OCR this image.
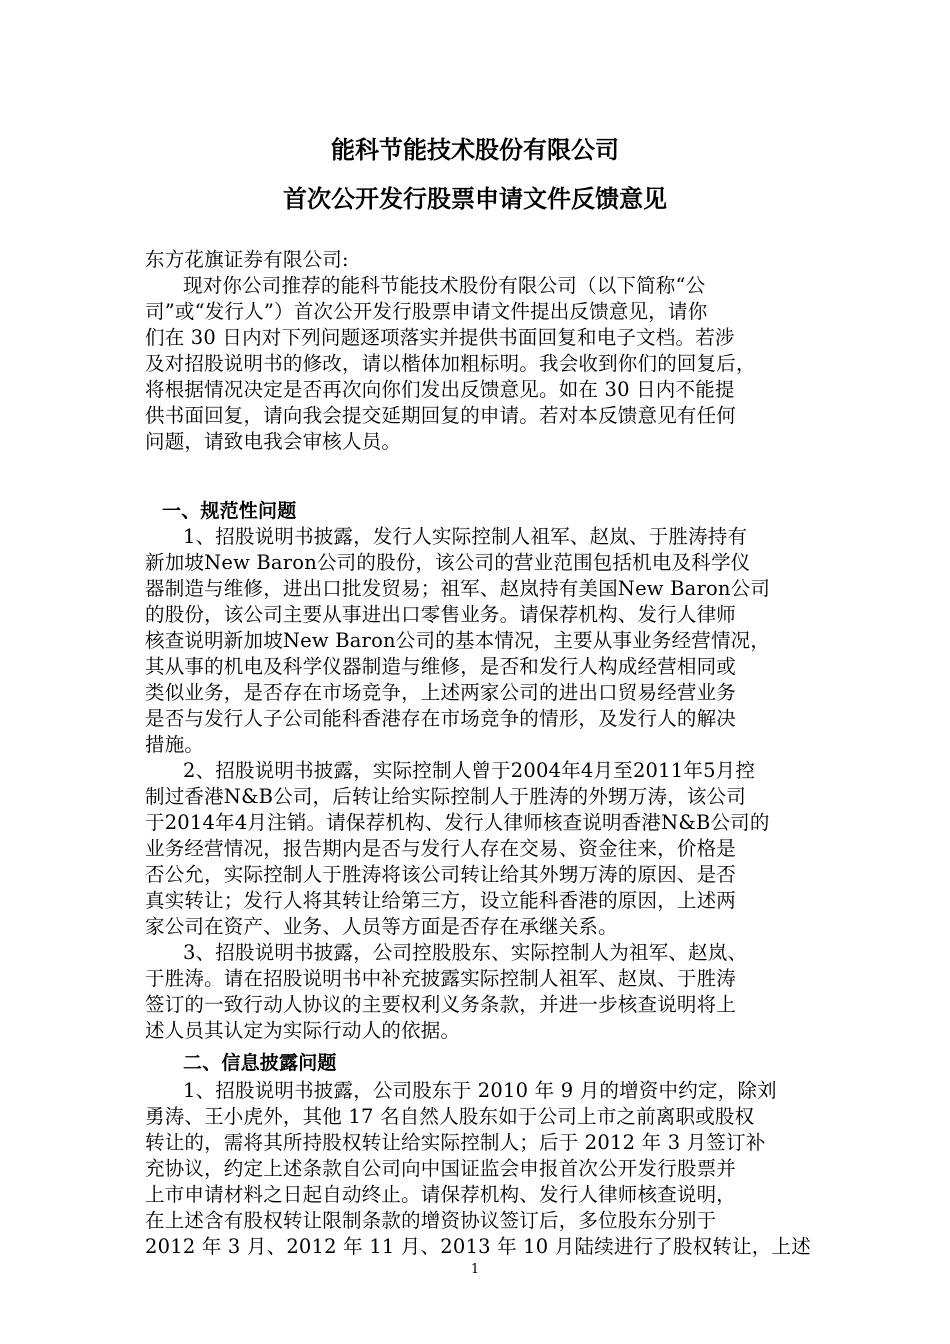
能科节能技术股份有限公司
首次公开发行股票申请文件反馈意见
东方花旗证券有限公司:
现对你公司推荐的能科节能技术股份有限公司（以下简称“公
司”或“发行人”）首次公开发行股票申请文件提出反馈意见，请你
们在 30 日内对下列问题逐项落实并提供书面回复和电子文档。若涉
及对招股说明书的修改，请以楷体加粗标明。我会收到你们的回复后，
将根据情况决定是否再次向你们发出反馈意见。如在 30 日内不能提
供书面回复，请向我会提交延期回复的申请。若对本反馈意见有任何
问题，请致电我会审核人员。
一、规范性问题
1、招股说明书披露，发行人实际控制人祖军、赵岚、于胜涛持有
新加坡New Baron公司的股份，该公司的营业范围包括机电及科学仪
器制造与维修，进出口批发贸易；祖军、赵岚持有美国New Baron公司
的股份，该公司主要从事进出口零售业务。请保荐机构、发行人律师
核查说明新加坡New Baron公司的基本情况，主要从事业务经营情况，
其从事的机电及科学仪器制造与维修，是否和发行人构成经营相同或
类似业务，是否存在市场竞争，上述两家公司的进出口贸易经营业务
是否与发行人子公司能科香港存在市场竞争的情形，及发行人的解决
措施。
2、招股说明书披露，实际控制人曾于2004年4月至2011年5月控
制过香港N&B公司，后转让给实际控制人于胜涛的外甥万涛，该公司
于2014年4月注销。请保荐机构、发行人律师核查说明香港N&B公司的
业务经营情况，报告期内是否与发行人存在交易、资金往来，价格是
否公允，实际控制人于胜涛将该公司转让给其外甥万涛的原因、是否
真实转让；发行人将其转让给第三方，设立能科香港的原因，上述两
家公司在资产、业务、人员等方面是否存在承继关系。
3、招股说明书披露，公司控股股东、实际控制人为祖军、赵岚、
于胜涛。请在招股说明书中补充披露实际控制人祖军、赵岚、于胜涛
签订的一致行动人协议的主要权利义务条款，并进一步核查说明将上
述人员其认定为实际行动人的依据。
二、信息披露问题
1、招股说明书披露，公司股东于 2010 年 9 月的增资中约定，除刘
勇涛、王小虎外，其他 17 名自然人股东如于公司上市之前离职或股权
转让的，需将其所持股权转让给实际控制人；后于 2012 年 3 月签订补
充协议，约定上述条款自公司向中国证监会申报首次公开发行股票并
上市申请材料之日起自动终止。请保荐机构、发行人律师核查说明，
在上述含有股权转让限制条款的增资协议签订后，多位股东分别于
2012 年 3 月、2012 年 11 月、2013 年 10 月陆续进行了股权转让，上述
1
